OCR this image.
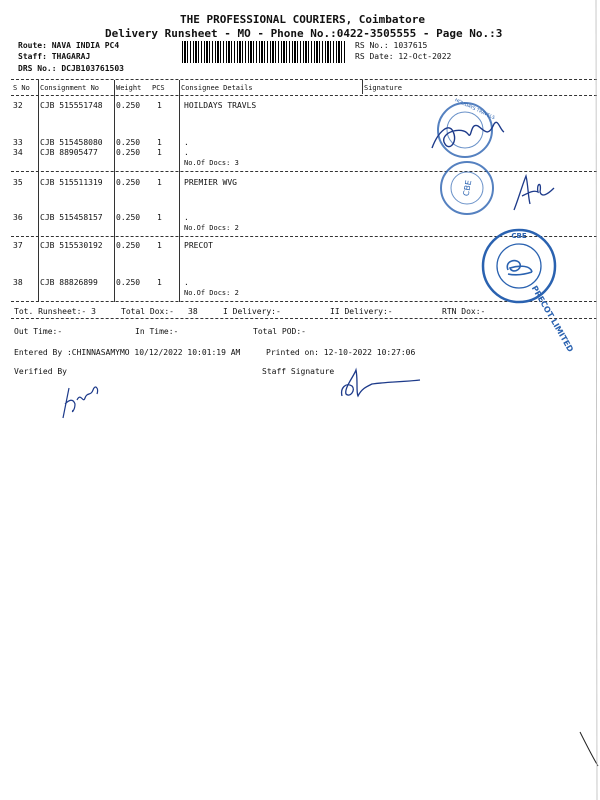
THE PROFESSIONAL COURIERS, Coimbatore
Delivery Runsheet - MO - Phone No.:0422-3505555 - Page No.:3
Route: NAVA INDIA PC4
Staff: THAGARAJ
DRS No.: DCJB103761503
RS No.: 1037615
RS Date: 12-Oct-2022
S No Consignment No Weight PCS Consignee Details	Signature
32 CJB 515551748 0.250 1	HOILDAYS TRAVLS
33 CJB 515458080 0.250 1	.
34 CJB 88905477 0.250 1	.
No.Of Docs: 3
35 CJB 515511319 0.250 1	PREMIER WVG
36 CJB 515458157 0.250 1	.
No.Of Docs: 2
37 CJB 515530192 0.250 1	PRECOT
38 CJB 88826899 0.250 1	.
No.Of Docs: 2
Tot. Runsheet:- 3	Total Dox:- 38	I Delivery:-	II Delivery:-	RTN Dox:-
Out Time:-	In Time:-	Total POD:-
Entered By :CHINNASAMYMO 10/12/2022 10:01:19 AM	Printed on: 12-10-2022 10:27:06
Verified By	Staff Signature
HOLIDAYS TRAVELS
CBE
PRECOT LIMITED
CBE
